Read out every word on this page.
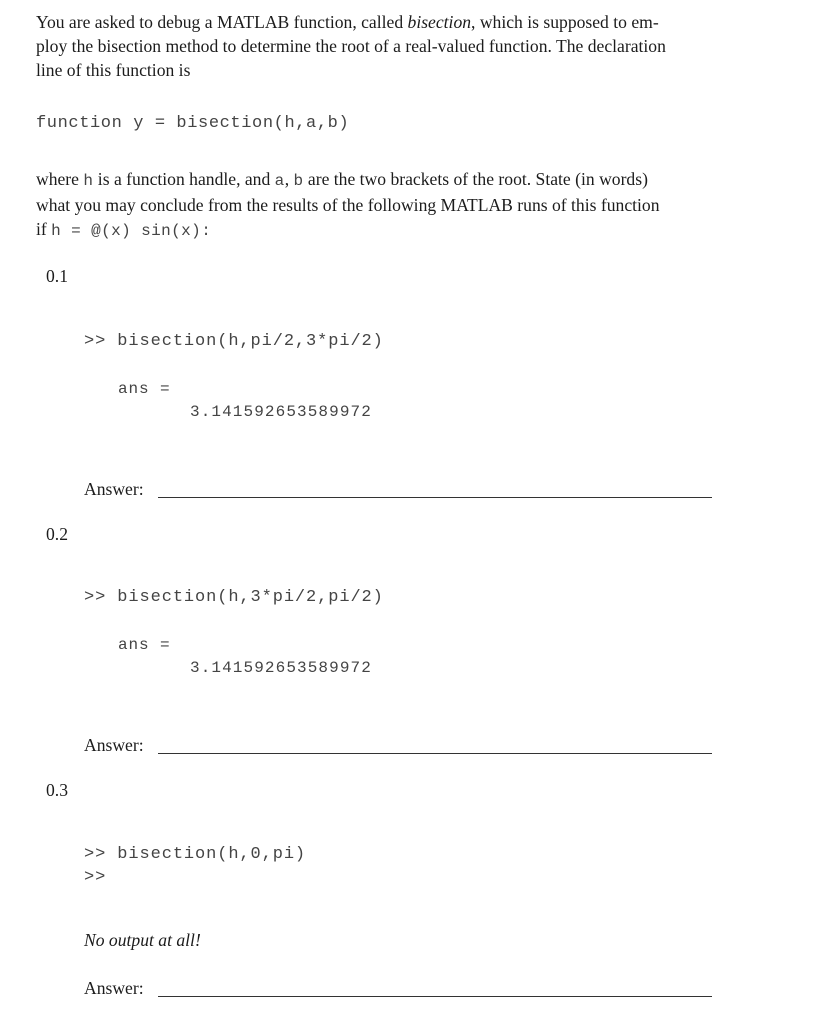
You are asked to debug a MATLAB function, called bisection, which is supposed to em-

ploy the bisection method to determine the root of a real-valued function. The declaration

line of this function is

function y = bisection(h,a,b)

where h is a function handle, and a, b are the two brackets of the root. State (in words)

what you may conclude from the results of the following MATLAB runs of this function

if h = @(x) sin(x):

0.1
>> bisection(h,pi/2,3*pi/2)
ans =
3.141592653589972
Answer:
0.2
>> bisection(h,3*pi/2,pi/2)
ans =
3.141592653589972
Answer:
0.3
>> bisection(h,0,pi)
>>
No output at all!
Answer:
